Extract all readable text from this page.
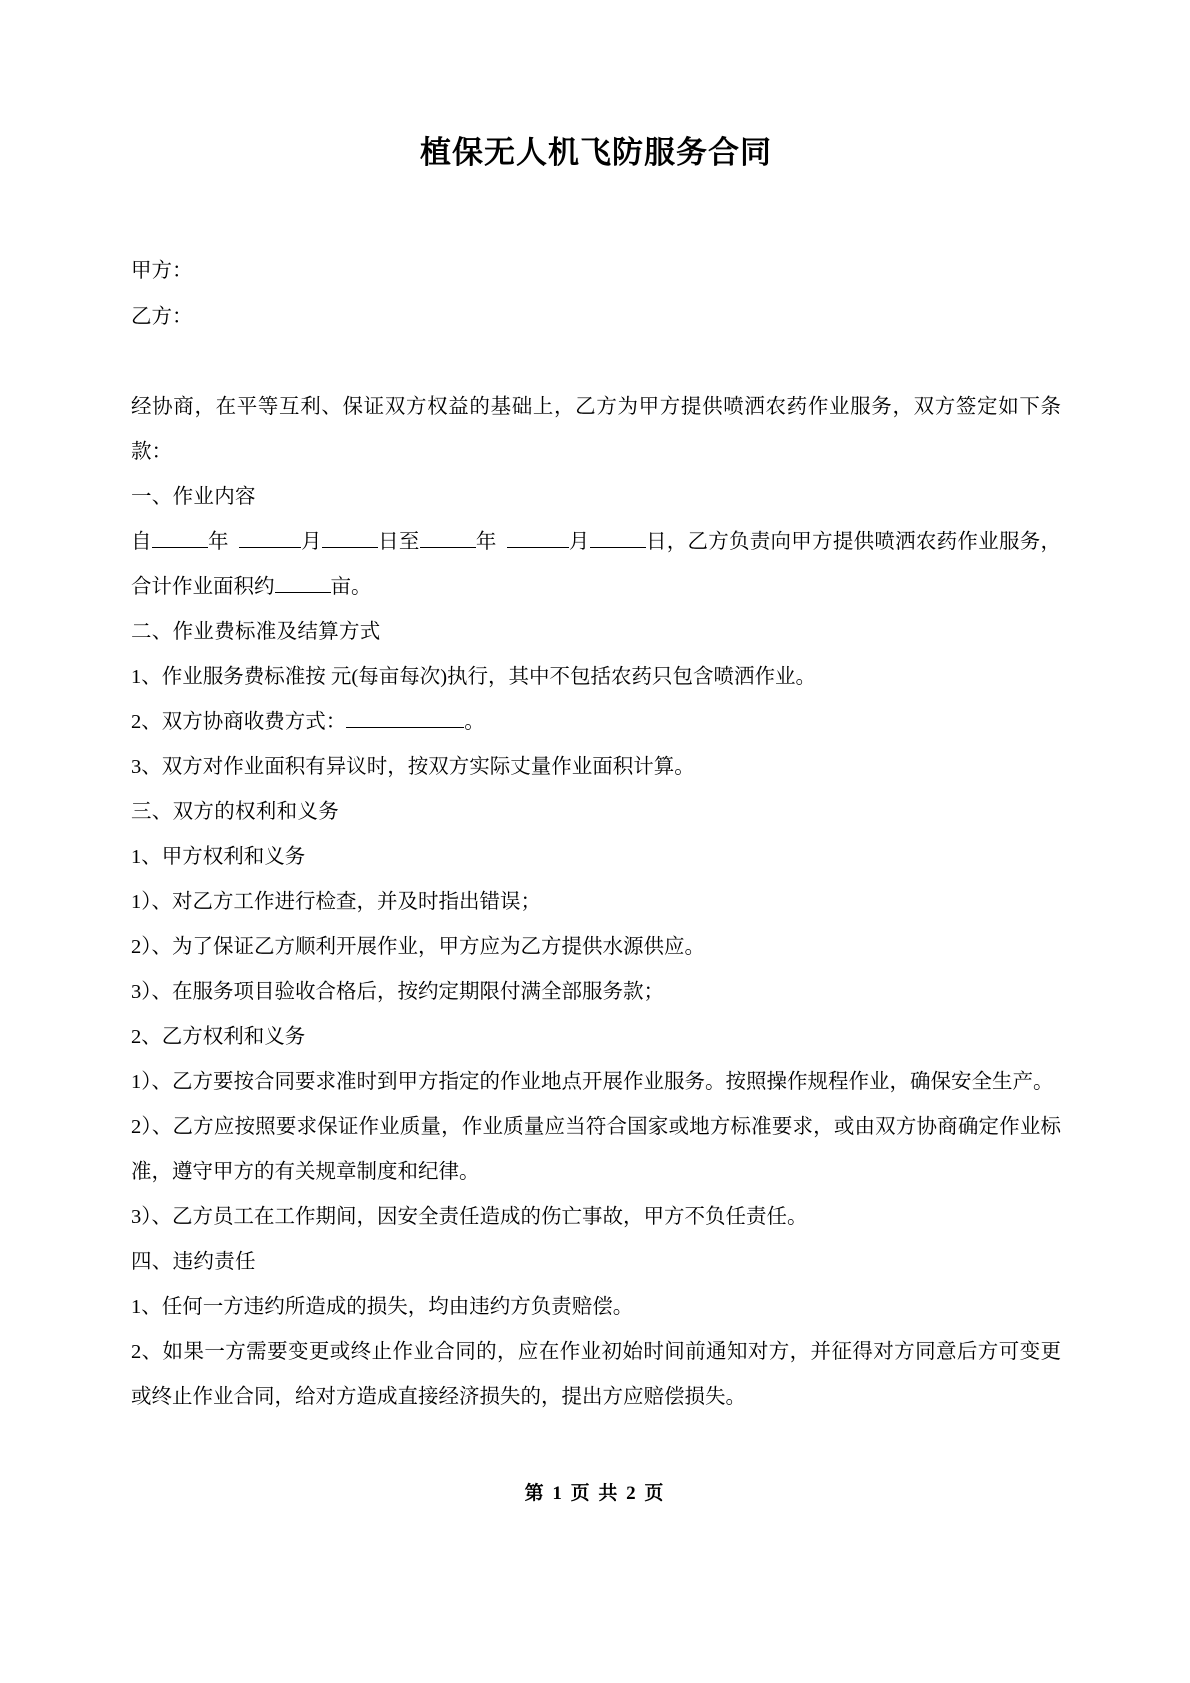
植保无人机飞防服务合同

甲方：

乙方：

经协商，在平等互利、保证双方权益的基础上，乙方为甲方提供喷洒农药作业服务，双方签定如下条款：

一、作业内容

自	年	月	日至	年	月	日，乙方负责向甲方提供喷洒农药作业服务，合计作业面积约	亩。

二、作业费标准及结算方式

1、作业服务费标准按 元(每亩每次)执行，其中不包括农药只包含喷洒作业。

2、双方协商收费方式：	。

3、双方对作业面积有异议时，按双方实际丈量作业面积计算。

三、双方的权利和义务

1、甲方权利和义务

1）、对乙方工作进行检查，并及时指出错误；

2）、为了保证乙方顺利开展作业，甲方应为乙方提供水源供应。

3）、在服务项目验收合格后，按约定期限付满全部服务款；

2、乙方权利和义务

1）、乙方要按合同要求准时到甲方指定的作业地点开展作业服务。按照操作规程作业，确保安全生产。

2）、乙方应按照要求保证作业质量，作业质量应当符合国家或地方标准要求，或由双方协商确定作业标准，遵守甲方的有关规章制度和纪律。

3）、乙方员工在工作期间，因安全责任造成的伤亡事故，甲方不负任责任。

四、违约责任

1、任何一方违约所造成的损失，均由违约方负责赔偿。

2、如果一方需要变更或终止作业合同的，应在作业初始时间前通知对方，并征得对方同意后方可变更或终止作业合同，给对方造成直接经济损失的，提出方应赔偿损失。

第 1 页 共 2 页
